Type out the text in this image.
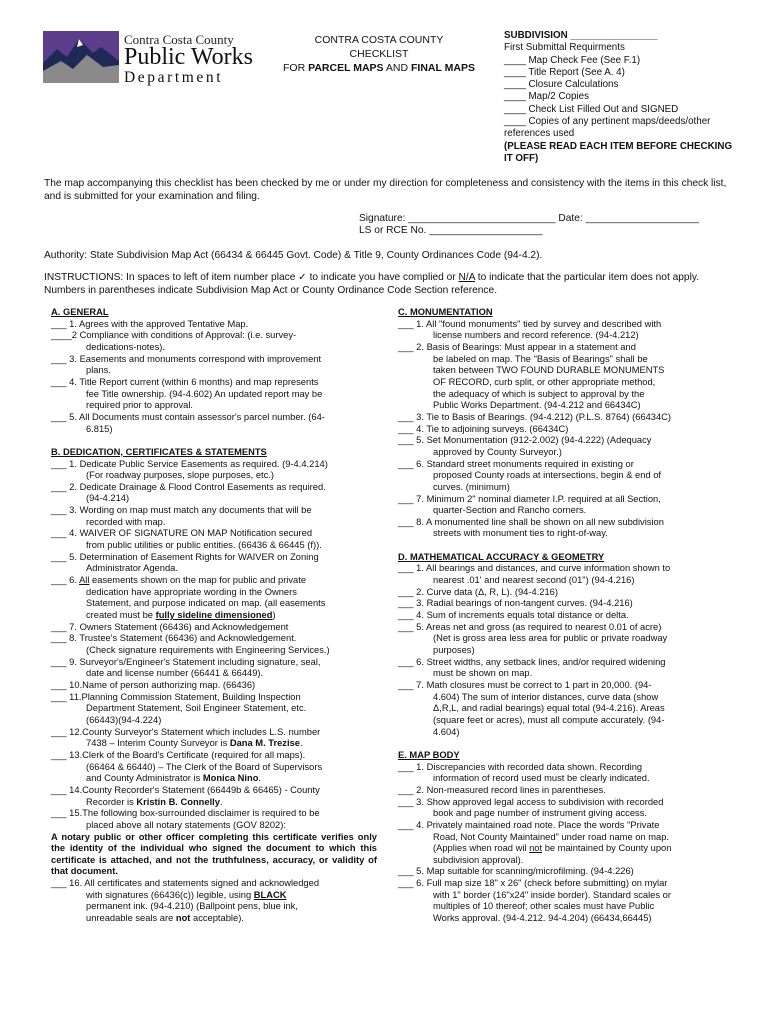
Contra Costa County
Public Works
Department
CONTRA COSTA COUNTY
CHECKLIST
FOR PARCEL MAPS AND FINAL MAPS
SUBDIVISION ________________
First Submittal Requirments
____ Map Check Fee (See F.1)
____ Title Report (See A. 4)
____ Closure Calculations
____ Map/2 Copies
____ Check List Filled Out and SIGNED
____ Copies of any pertinent maps/deeds/other
references used
(PLEASE READ EACH ITEM BEFORE CHECKING
IT OFF)
The map accompanying this checklist has been checked by me or under my direction for completeness and consistency with the items in this check list, and is submitted for your examination and filing.
Signature: __________________________ Date: ____________________
LS or RCE No. ____________________
Authority: State Subdivision Map Act (66434 & 66445 Govt. Code) & Title 9, County Ordinances Code (94-4.2).
INSTRUCTIONS: In spaces to left of item number place ✓ to indicate you have complied or N/A to indicate that the particular item does not apply. Numbers in parentheses indicate Subdivision Map Act or County Ordinance Code Section reference.
A. GENERAL
___ 1. Agrees with the approved Tentative Map.
____2 Compliance with conditions of Approval: (i.e. survey-
dedications-notes).
___ 3. Easements and monuments correspond with improvement
plans.
___ 4. Title Report current (within 6 months) and map represents
fee Title ownership. (94-4.602) An updated report may be
required prior to approval.
___ 5. All Documents must contain assessor's parcel number. (64-
6.815)
B. DEDICATION, CERTIFICATES & STATEMENTS
___ 1. Dedicate Public Service Easements as required. (9-4.4.214)
(For roadway purposes, slope purposes, etc.)
___ 2. Dedicate Drainage & Flood Control Easements as required.
(94-4.214)
___ 3. Wording on map must match any documents that will be
recorded with map.
___ 4. WAIVER OF SIGNATURE ON MAP Notification secured
from public utilities or public entities. (66436 & 66445 (f)).
___ 5. Determination of Easement Rights for WAIVER on Zoning
Administrator Agenda.
___ 6. All easements shown on the map for public and private
dedication have appropriate wording in the Owners
Statement, and purpose indicated on map. (all easements
created must be fully sideline dimensioned)
___ 7. Owners Statement (66436) and Acknowledgement
___ 8. Trustee's Statement (66436) and Acknowledgement.
(Check signature requirements with Engineering Services.)
___ 9. Surveyor's/Engineer's Statement including signature, seal,
date and license number (66441 & 66449).
___ 10.Name of person authorizing map. (66436)
___ 11.Planning Commission Statement, Building Inspection
Department Statement, Soil Engineer Statement, etc.
(66443)(94-4.224)
___ 12.County Surveyor's Statement which includes L.S. number
7438 – Interim County Surveyor is Dana M. Trezise.
___ 13.Clerk of the Board's Certificate (required for all maps).
(66464 & 66440) – The Clerk of the Board of Supervisors
and County Administrator is Monica Nino.
___ 14.County Recorder's Statement (66449b & 66465) - County
Recorder is Kristin B. Connelly.
___ 15.The following box-surrounded disclaimer is required to be
placed above all notary statements (GOV 8202):
A notary public or other officer completing this certificate verifies only the identity of the individual who signed the document to which this certificate is attached, and not the truthfulness, accuracy, or validity of that document.
___ 16. All certificates and statements signed and acknowledged
with signatures (66436(c)) legible, using BLACK
permanent ink. (94-4.210) (Ballpoint pens, blue ink,
unreadable seals are not acceptable).
C. MONUMENTATION
___ 1. All "found monuments" tied by survey and described with
license numbers and record reference. (94-4.212)
___ 2. Basis of Bearings: Must appear in a statement and
be labeled on map. The "Basis of Bearings" shall be
taken between TWO FOUND DURABLE MONUMENTS
OF RECORD, curb split, or other appropriate method,
the adequacy of which is subject to approval by the
Public Works Department. (94-4.212 and 66434C)
___ 3. Tie to Basis of Bearings. (94-4.212) (P.L.S. 8764) (66434C)
___ 4. Tie to adjoining surveys. (66434C)
___ 5. Set Monumentation (912-2.002) (94-4.222) (Adequacy
approved by County Surveyor.)
___ 6. Standard street monuments required in existing or
proposed County roads at intersections, begin & end of
curves. (minimum)
___ 7. Minimum 2" nominal diameter I.P. required at all Section,
quarter-Section and Rancho corners.
___ 8. A monumented line shall be shown on all new subdivision
streets with monument ties to right-of-way.
D. MATHEMATICAL ACCURACY & GEOMETRY
___ 1. All bearings and distances, and curve information shown to
nearest .01' and nearest second (01") (94-4.216)
___ 2. Curve data (Δ, R, L). (94-4.216)
___ 3. Radial bearings of non-tangent curves. (94-4.216)
___ 4. Sum of increments equals total distance or delta.
___ 5. Areas net and gross (as required to nearest 0.01 of acre)
(Net is gross area less area for public or private roadway
purposes)
___ 6. Street widths, any setback lines, and/or required widening
must be shown on map.
___ 7. Math closures must be correct to 1 part in 20,000. (94-
4.604) The sum of interior distances, curve data (show
Δ,R,L, and radial bearings) equal total (94-4.216). Areas
(square feet or acres), must all compute accurately. (94-
4.604)
E. MAP BODY
___ 1. Discrepancies with recorded data shown. Recording
information of record used must be clearly indicated.
___ 2. Non-measured record lines in parentheses.
___ 3. Show approved legal access to subdivision with recorded
book and page number of instrument giving access.
___ 4. Privately maintained road note. Place the words "Private
Road, Not County Maintained" under road name on map.
(Applies when road wil not be maintained by County upon
subdivision approval).
___ 5. Map suitable for scanning/microfilming. (94-4.226)
___ 6. Full map size 18" x 26" (check before submitting) on mylar
with 1" border (16"x24" inside border). Standard scales or
multiples of 10 thereof; other scales must have Public
Works approval. (94-4.212. 94-4.204) (66434,66445)
